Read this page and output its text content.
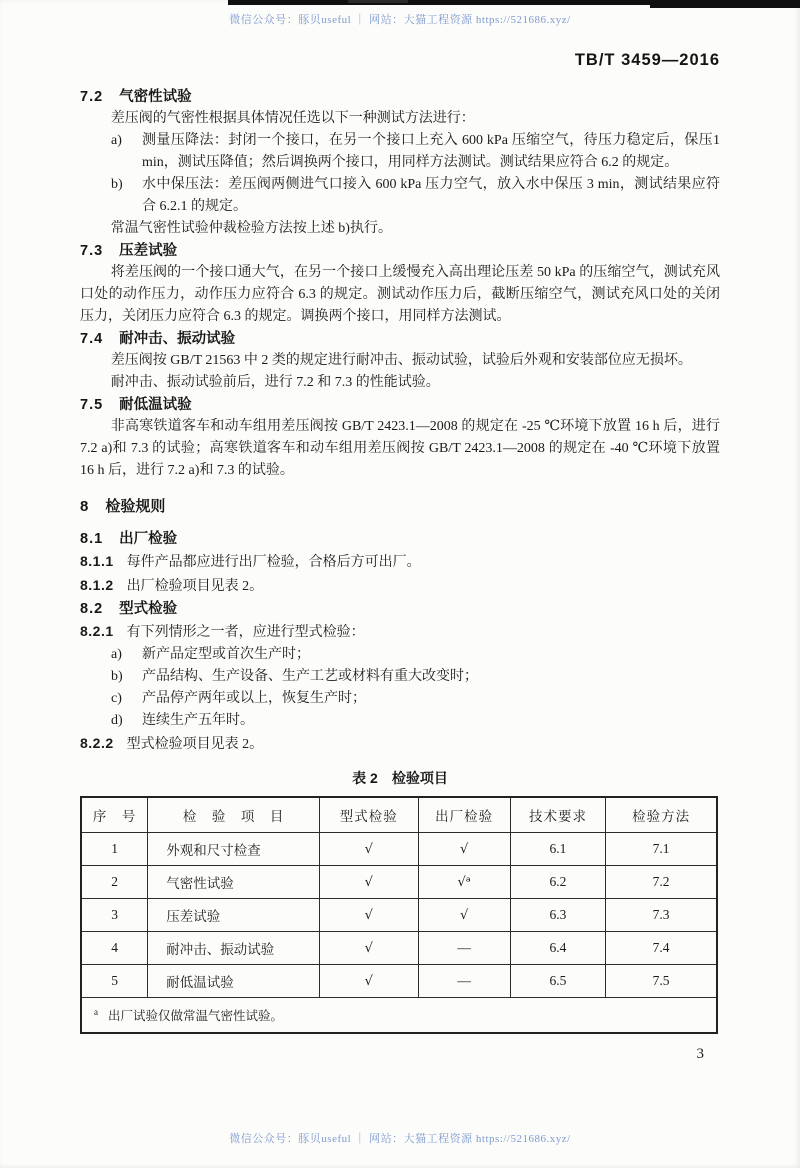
微信公众号：豚贝useful ｜ 网站：大猫工程资源 https://521686.xyz/
TB/T 3459—2016
7.2 气密性试验

差压阀的气密性根据具体情况任选以下一种测试方法进行：

a) 测量压降法：封闭一个接口，在另一个接口上充入 600 kPa 压缩空气，待压力稳定后，保压1 min，测试压降值；然后调换两个接口，用同样方法测试。测试结果应符合 6.2 的规定。
b) 水中保压法：差压阀两侧进气口接入 600 kPa 压力空气，放入水中保压 3 min，测试结果应符合 6.2.1 的规定。

常温气密性试验仲裁检验方法按上述 b)执行。

7.3 压差试验

将差压阀的一个接口通大气，在另一个接口上缓慢充入高出理论压差 50 kPa 的压缩空气，测试充风口处的动作压力，动作压力应符合 6.3 的规定。测试动作压力后，截断压缩空气，测试充风口处的关闭压力，关闭压力应符合 6.3 的规定。调换两个接口，用同样方法测试。

7.4 耐冲击、振动试验

差压阀按 GB/T 21563 中 2 类的规定进行耐冲击、振动试验，试验后外观和安装部位应无损坏。

耐冲击、振动试验前后，进行 7.2 和 7.3 的性能试验。

7.5 耐低温试验

非高寒铁道客车和动车组用差压阀按 GB/T 2423.1—2008 的规定在 -25 ℃环境下放置 16 h 后，进行 7.2 a)和 7.3 的试验；高寒铁道客车和动车组用差压阀按 GB/T 2423.1—2008 的规定在 -40 ℃环境下放置 16 h 后，进行 7.2 a)和 7.3 的试验。

8 检验规则
8.1 出厂检验
8.1.1 每件产品都应进行出厂检验，合格后方可出厂。
8.1.2 出厂检验项目见表 2。
8.2 型式检验
8.2.1 有下列情形之一者，应进行型式检验：
a) 新产品定型或首次生产时；
b) 产品结构、生产设备、生产工艺或材料有重大改变时；
c) 产品停产两年或以上，恢复生产时；
d) 连续生产五年时。
8.2.2 型式检验项目见表 2。
表 2　检验项目
序　号	检　验　项　目	型式检验	出厂检验	技术要求	检验方法
1	外观和尺寸检查	√	√	6.1	7.1
2	气密性试验	√	√ᵃ	6.2	7.2
3	压差试验	√	√	6.3	7.3
4	耐冲击、振动试验	√	—	6.4	7.4
5	耐低温试验	√	—	6.5	7.5
$^a$ 出厂试验仅做常温气密性试验。					
3
微信公众号：豚贝useful ｜ 网站：大猫工程资源 https://521686.xyz/
